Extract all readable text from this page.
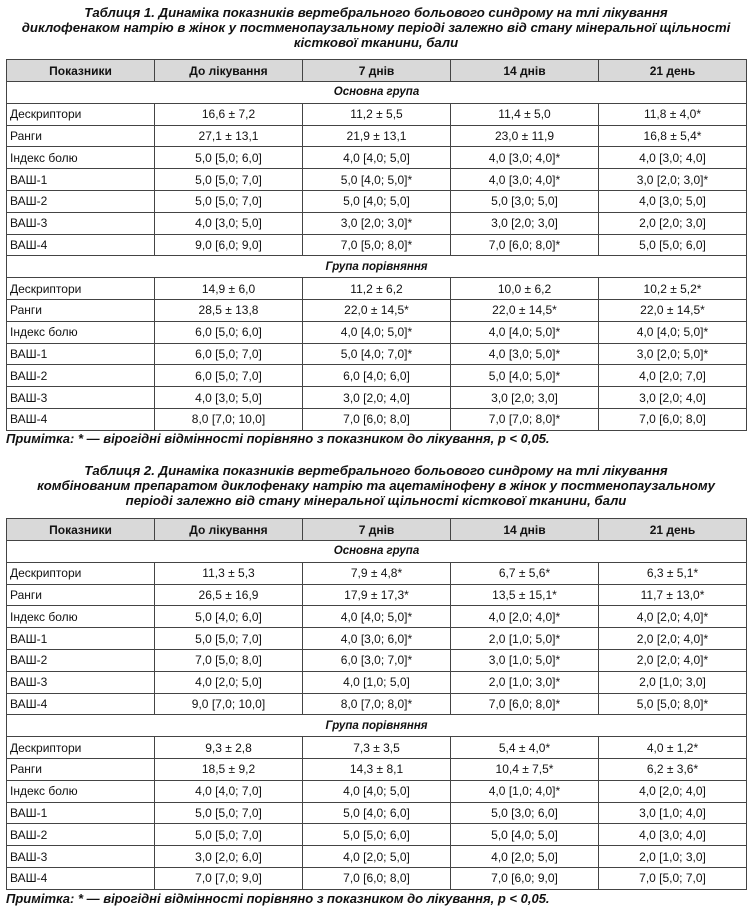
Таблиця 1. Динаміка показників вертебрального больового синдрому на тлі лікування
диклофенаком натрію в жінок у постменопаузальному періоді залежно від стану мінеральної щільності
кісткової тканини, бали
Показники	До лікування	7 днів	14 днів	21 день
Основна група				
Дескриптори	16,6 ± 7,2	11,2 ± 5,5	11,4 ± 5,0	11,8 ± 4,0*
Ранги	27,1 ± 13,1	21,9 ± 13,1	23,0 ± 11,9	16,8 ± 5,4*
Індекс болю	5,0 [5,0; 6,0]	4,0 [4,0; 5,0]	4,0 [3,0; 4,0]*	4,0 [3,0; 4,0]
ВАШ-1	5,0 [5,0; 7,0]	5,0 [4,0; 5,0]*	4,0 [3,0; 4,0]*	3,0 [2,0; 3,0]*
ВАШ-2	5,0 [5,0; 7,0]	5,0 [4,0; 5,0]	5,0 [3,0; 5,0]	4,0 [3,0; 5,0]
ВАШ-3	4,0 [3,0; 5,0]	3,0 [2,0; 3,0]*	3,0 [2,0; 3,0]	2,0 [2,0; 3,0]
ВАШ-4	9,0 [6,0; 9,0]	7,0 [5,0; 8,0]*	7,0 [6,0; 8,0]*	5,0 [5,0; 6,0]
Група порівняння				
Дескриптори	14,9 ± 6,0	11,2 ± 6,2	10,0 ± 6,2	10,2 ± 5,2*
Ранги	28,5 ± 13,8	22,0 ± 14,5*	22,0 ± 14,5*	22,0 ± 14,5*
Індекс болю	6,0 [5,0; 6,0]	4,0 [4,0; 5,0]*	4,0 [4,0; 5,0]*	4,0 [4,0; 5,0]*
ВАШ-1	6,0 [5,0; 7,0]	5,0 [4,0; 7,0]*	4,0 [3,0; 5,0]*	3,0 [2,0; 5,0]*
ВАШ-2	6,0 [5,0; 7,0]	6,0 [4,0; 6,0]	5,0 [4,0; 5,0]*	4,0 [2,0; 7,0]
ВАШ-3	4,0 [3,0; 5,0]	3,0 [2,0; 4,0]	3,0 [2,0; 3,0]	3,0 [2,0; 4,0]
ВАШ-4	8,0 [7,0; 10,0]	7,0 [6,0; 8,0]	7,0 [7,0; 8,0]*	7,0 [6,0; 8,0]
Примітка: * — вірогідні відмінності порівняно з показником до лікування, р < 0,05.
Таблиця 2. Динаміка показників вертебрального больового синдрому на тлі лікування
комбінованим препаратом диклофенаку натрію та ацетамінофену в жінок у постменопаузальному
періоді залежно від стану мінеральної щільності кісткової тканини, бали
Показники	До лікування	7 днів	14 днів	21 день
Основна група				
Дескриптори	11,3 ± 5,3	7,9 ± 4,8*	6,7 ± 5,6*	6,3 ± 5,1*
Ранги	26,5 ± 16,9	17,9 ± 17,3*	13,5 ± 15,1*	11,7 ± 13,0*
Індекс болю	5,0 [4,0; 6,0]	4,0 [4,0; 5,0]*	4,0 [2,0; 4,0]*	4,0 [2,0; 4,0]*
ВАШ-1	5,0 [5,0; 7,0]	4,0 [3,0; 6,0]*	2,0 [1,0; 5,0]*	2,0 [2,0; 4,0]*
ВАШ-2	7,0 [5,0; 8,0]	6,0 [3,0; 7,0]*	3,0 [1,0; 5,0]*	2,0 [2,0; 4,0]*
ВАШ-3	4,0 [2,0; 5,0]	4,0 [1,0; 5,0]	2,0 [1,0; 3,0]*	2,0 [1,0; 3,0]
ВАШ-4	9,0 [7,0; 10,0]	8,0 [7,0; 8,0]*	7,0 [6,0; 8,0]*	5,0 [5,0; 8,0]*
Група порівняння				
Дескриптори	9,3 ± 2,8	7,3 ± 3,5	5,4 ± 4,0*	4,0 ± 1,2*
Ранги	18,5 ± 9,2	14,3 ± 8,1	10,4 ± 7,5*	6,2 ± 3,6*
Індекс болю	4,0 [4,0; 7,0]	4,0 [4,0; 5,0]	4,0 [1,0; 4,0]*	4,0 [2,0; 4,0]
ВАШ-1	5,0 [5,0; 7,0]	5,0 [4,0; 6,0]	5,0 [3,0; 6,0]	3,0 [1,0; 4,0]
ВАШ-2	5,0 [5,0; 7,0]	5,0 [5,0; 6,0]	5,0 [4,0; 5,0]	4,0 [3,0; 4,0]
ВАШ-3	3,0 [2,0; 6,0]	4,0 [2,0; 5,0]	4,0 [2,0; 5,0]	2,0 [1,0; 3,0]
ВАШ-4	7,0 [7,0; 9,0]	7,0 [6,0; 8,0]	7,0 [6,0; 9,0]	7,0 [5,0; 7,0]
Примітка: * — вірогідні відмінності порівняно з показником до лікування, р < 0,05.
